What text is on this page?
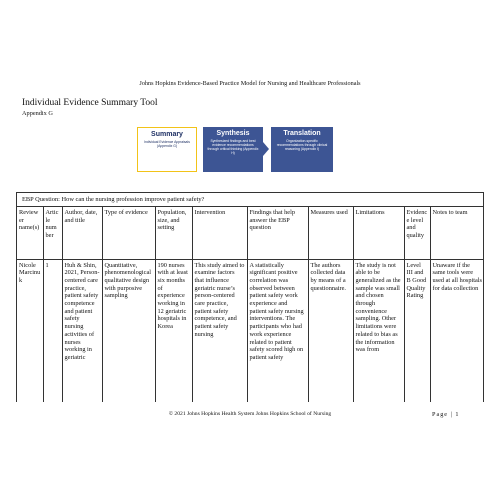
Johns Hopkins Evidence-Based Practice Model for Nursing and Healthcare Professionals
Individual Evidence Summary Tool
Appendix G
Summary
Individual Evidence Appraisals (Appendix G)
Synthesis
Synthesized findings and best evidence recommendations through critical thinking (Appendix H)
Translation
Organization-specific recommendations through clinical reasoning (Appendix I)
EBP Question: How can the nursing profession improve patient safety?
Reviewer name(s)	Article number	Author, date, and title	Type of evidence	Population, size, and setting	Intervention	Findings that help answer the EBP question	Measures used	Limitations	Evidence level and quality	Notes to team
Nicole Marcinuk	1	Huh & Shin, 2021, Person-centered care practice, patient safety competence and patient safety nursing activities of nurses working in geriatric	Quantitative, phenomenological qualitative design with purposive sampling	190 nurses with at least six months of experience working in 12 geriatric hospitals in Korea	This study aimed to examine factors that influence geriatric nurse’s person-centered care practice, patient safety competence, and patient safety nursing	A statistically significant positive correlation was observed between patient safety work experience and patient safety nursing interventions. The participants who had work experience related to patient safety scored high on patient safety	The authors collected data by means of a questionnaire.	The study is not able to be generalized as the sample was small and chosen through convenience sampling. Other limitations were related to bias as the information was from	Level III and B Good Quality Rating	Unaware if the same tools were used at all hospitals for data collection
© 2021 Johns Hopkins Health System Johns Hopkins School of Nursing	Page | 1
